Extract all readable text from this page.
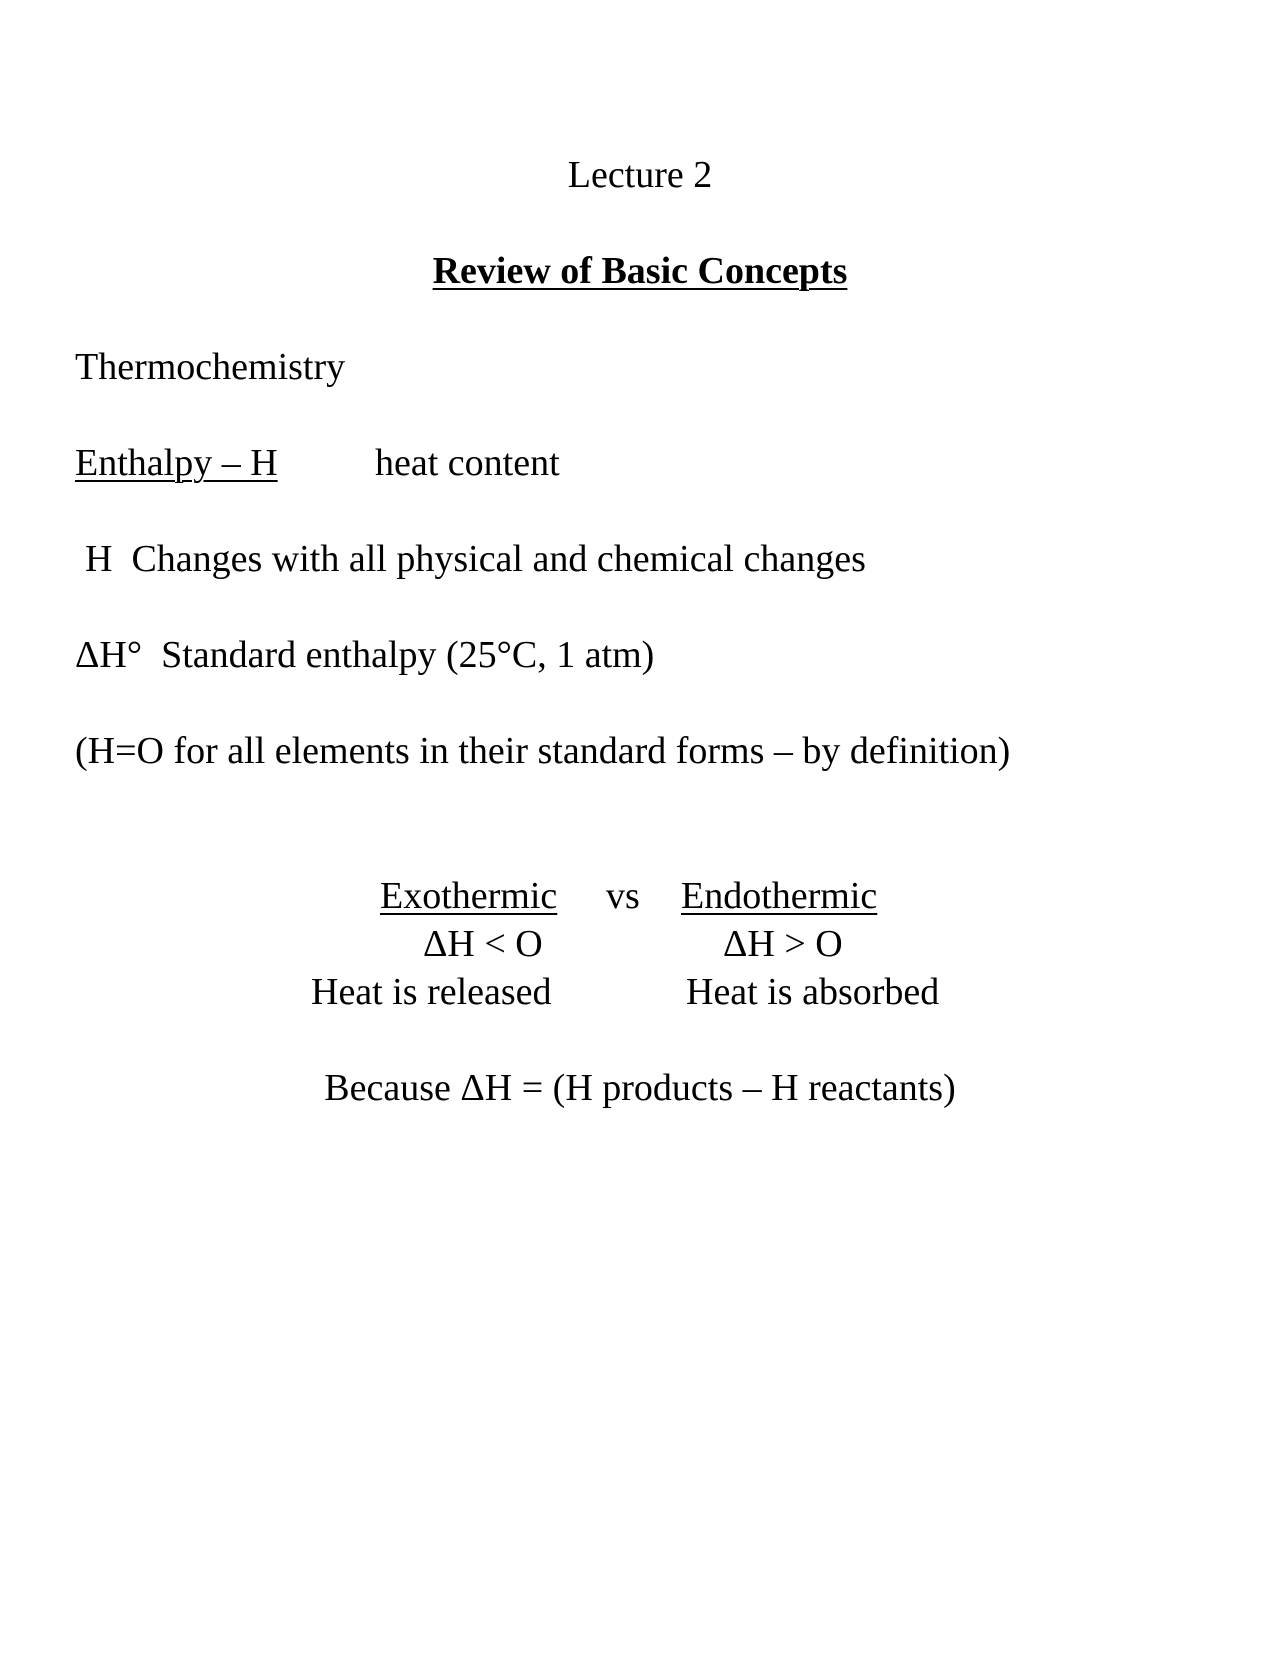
Lecture 2
Review of Basic Concepts
Thermochemistry
Enthalpy – H	heat content
H  Changes with all physical and chemical changes
ΔH°  Standard enthalpy (25°C, 1 atm)
(H=O for all elements in their standard forms – by definition)
Exothermic vs Endothermic
ΔH < O	ΔH > O
Heat is released	Heat is absorbed
Because ΔH = (H products – H reactants)
